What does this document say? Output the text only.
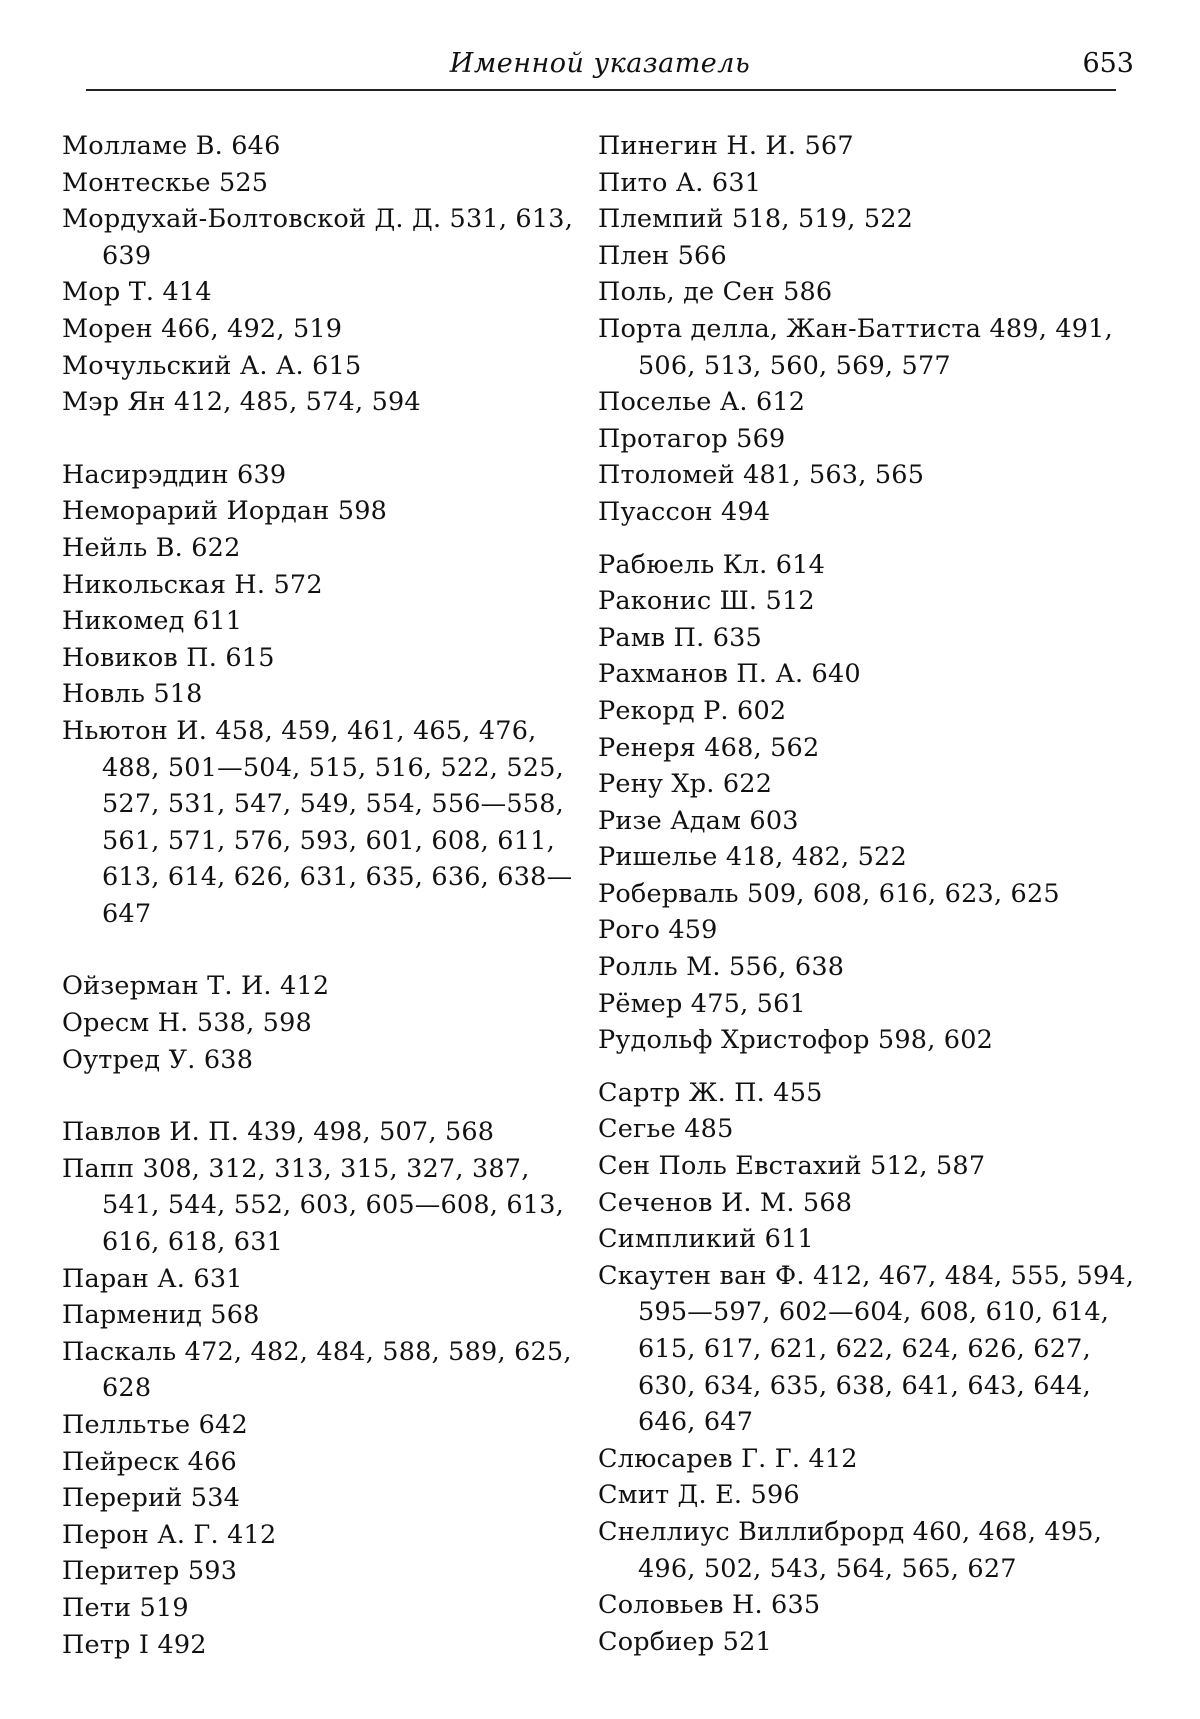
Именной указатель	653
Молламе В. 646
Монтескье 525
Мордухай-Болтовской Д. Д. 531, 613, 639
Мор Т. 414
Морен 466, 492, 519
Мочульский А. А. 615
Мэр Ян 412, 485, 574, 594
Насирэддин 639
Неморарий Иордан 598
Нейль В. 622
Никольская Н. 572
Никомед 611
Новиков П. 615
Новль 518
Ньютон И. 458, 459, 461, 465, 476, 488, 501—504, 515, 516, 522, 525, 527, 531, 547, 549, 554, 556—558, 561, 571, 576, 593, 601, 608, 611, 613, 614, 626, 631, 635, 636, 638—647
Ойзерман Т. И. 412
Оресм Н. 538, 598
Оутред У. 638
Павлов И. П. 439, 498, 507, 568
Папп 308, 312, 313, 315, 327, 387, 541, 544, 552, 603, 605—608, 613, 616, 618, 631
Паран А. 631
Парменид 568
Паскаль 472, 482, 484, 588, 589, 625, 628
Пелльтье 642
Пейреск 466
Перерий 534
Перон А. Г. 412
Перитер 593
Пети 519
Петр I 492
Пинегин Н. И. 567
Пито А. 631
Племпий 518, 519, 522
Плен 566
Поль, де Сен 586
Порта делла, Жан-Баттиста 489, 491, 506, 513, 560, 569, 577
Поселье А. 612
Протагор 569
Птоломей 481, 563, 565
Пуассон 494
Рабюель Кл. 614
Раконис Ш. 512
Рамв П. 635
Рахманов П. А. 640
Рекорд Р. 602
Ренеря 468, 562
Рену Хр. 622
Ризе Адам 603
Ришелье 418, 482, 522
Роберваль 509, 608, 616, 623, 625
Рого 459
Ролль М. 556, 638
Рёмер 475, 561
Рудольф Христофор 598, 602
Сартр Ж. П. 455
Сегье 485
Сен Поль Евстахий 512, 587
Сеченов И. М. 568
Симпликий 611
Скаутен ван Ф. 412, 467, 484, 555, 594, 595—597, 602—604, 608, 610, 614, 615, 617, 621, 622, 624, 626, 627, 630, 634, 635, 638, 641, 643, 644, 646, 647
Слюсарев Г. Г. 412
Смит Д. Е. 596
Снеллиус Виллиброрд 460, 468, 495, 496, 502, 543, 564, 565, 627
Соловьев Н. 635
Сорбиер 521
